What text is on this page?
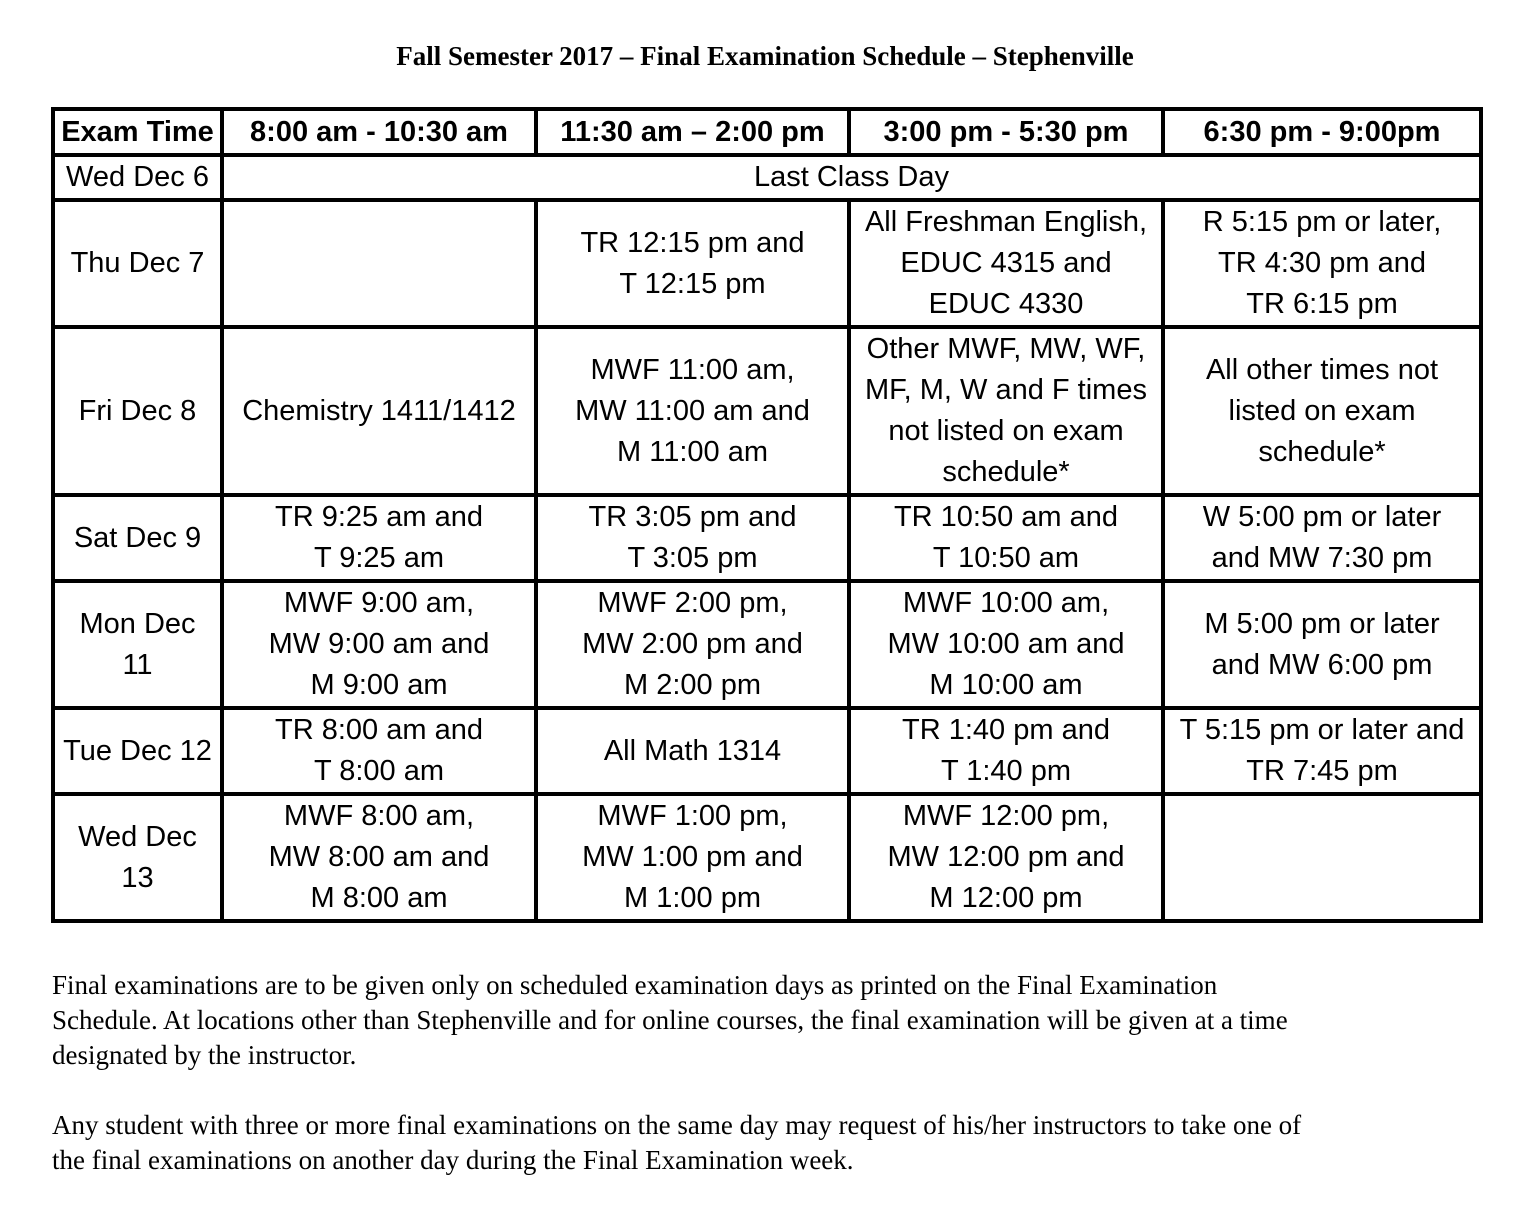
Fall Semester 2017 – Final Examination Schedule – Stephenville
Exam Time	8:00 am - 10:30 am	11:30 am – 2:00 pm	3:00 pm - 5:30 pm	6:30 pm - 9:00pm
Wed Dec 6	Last Class Day			

Thu Dec 7		TR 12:15 pm and
T 12:15 pm	All Freshman English,
EDUC 4315 and
EDUC 4330	R 5:15 pm or later,
TR 4:30 pm and
TR 6:15 pm

Fri Dec 8	Chemistry 1411/1412	MWF 11:00 am,
MW 11:00 am and
M 11:00 am	Other MWF, MW, WF,
MF, M, W and F times
not listed on exam
schedule*	All other times not
listed on exam
schedule*

Sat Dec 9	TR 9:25 am and
T 9:25 am	TR 3:05 pm and
T 3:05 pm	TR 10:50 am and
T 10:50 am	W 5:00 pm or later
and MW 7:30 pm

Mon Dec
11	MWF 9:00 am,
MW 9:00 am and
M 9:00 am	MWF 2:00 pm,
MW 2:00 pm and
M 2:00 pm	MWF 10:00 am,
MW 10:00 am and
M 10:00 am	M 5:00 pm or later
and MW 6:00 pm

Tue Dec 12	TR 8:00 am and
T 8:00 am	All Math 1314	TR 1:40 pm and
T 1:40 pm	T 5:15 pm or later and
TR 7:45 pm

Wed Dec
13	MWF 8:00 am,
MW 8:00 am and
M 8:00 am	MWF 1:00 pm,
MW 1:00 pm and
M 1:00 pm	MWF 12:00 pm,
MW 12:00 pm and
M 12:00 pm	

Final examinations are to be given only on scheduled examination days as printed on the Final Examination
Schedule. At locations other than Stephenville and for online courses, the final examination will be given at a time
designated by the instructor.

Any student with three or more final examinations on the same day may request of his/her instructors to take one of
the final examinations on another day during the Final Examination week.
